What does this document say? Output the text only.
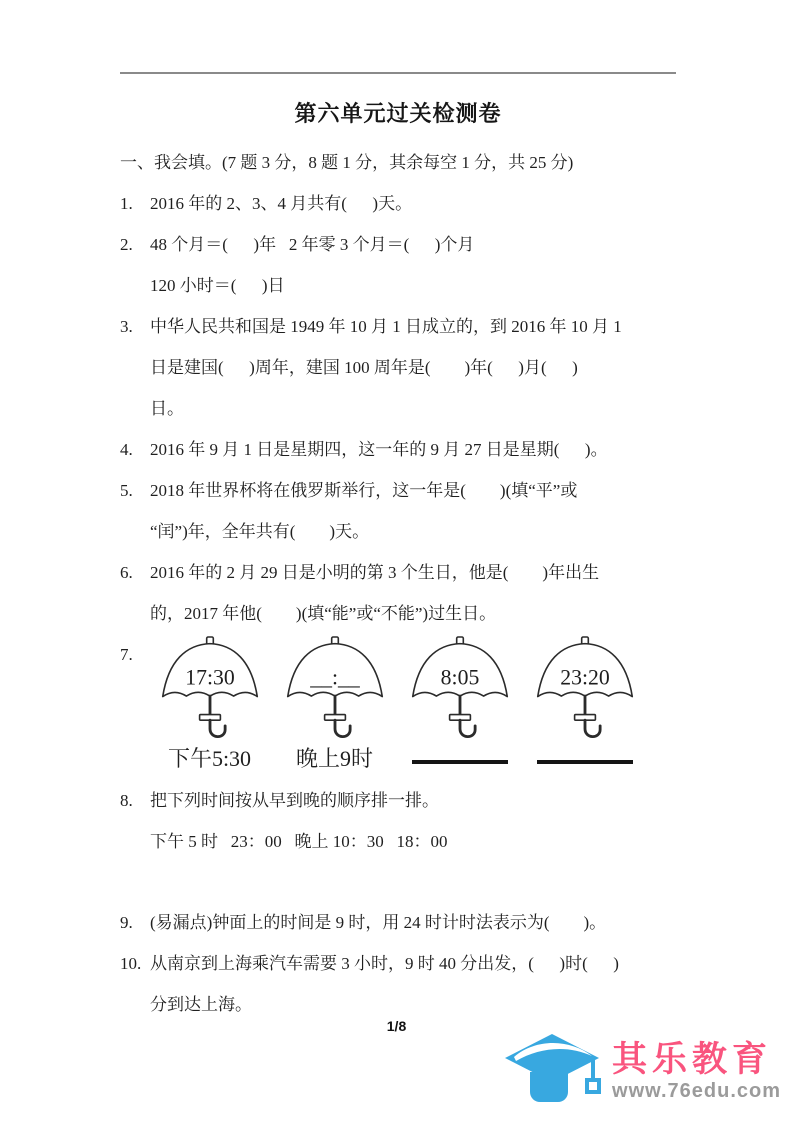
第六单元过关检测卷
一、我会填。(7 题 3 分，8 题 1 分，其余每空 1 分，共 25 分)
1.	2016 年的 2、3、4 月共有(      )天。
2.	48 个月＝(      )年   2 年零 3 个月＝(      )个月
120 小时＝(      )日
3.	中华人民共和国是 1949 年 10 月 1 日成立的，到 2016 年 10 月 1
日是建国(      )周年，建国 100 周年是(        )年(      )月(      )
日。
4.	2016 年 9 月 1 日是星期四，这一年的 9 月 27 日是星期(      )。
5.	2018 年世界杯将在俄罗斯举行，这一年是(        )(填“平”或
“闰”)年，全年共有(        )天。
6.	2016 年的 2 月 29 日是小明的第 3 个生日，他是(        )年出生
的，2017 年他(        )(填“能”或“不能”)过生日。
7.
17:30
下午5:30
__:__
晚上9时
8:05	23:20
8.	把下列时间按从早到晚的顺序排一排。
下午 5 时   23：00   晚上 10：30   18：00
9.	(易漏点)钟面上的时间是 9 时，用 24 时计时法表示为(        )。
10. 从南京到上海乘汽车需要 3 小时，9 时 40 分出发，(      )时(      )
分到达上海。
1/8
其乐教育
www.76edu.com
